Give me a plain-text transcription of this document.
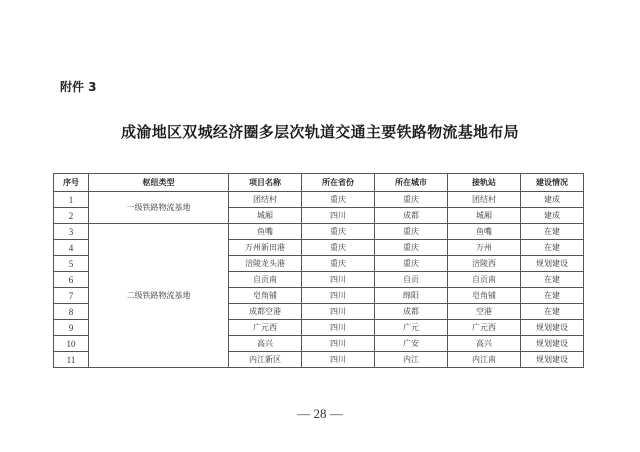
附件 3
成渝地区双城经济圈多层次轨道交通主要铁路物流基地布局
序号	枢纽类型	项目名称	所在省份	所在城市	接轨站	建设情况
1	一级铁路物流基地	团结村	重庆	重庆	团结村	建成
2		城厢	四川	成都	城厢	建成
3	二级铁路物流基地	鱼嘴	重庆	重庆	鱼嘴	在建
4		万州新田港	重庆	重庆	万州	在建
5		涪陵龙头港	重庆	重庆	涪陵西	规划建设
6		自贡南	四川	自贡	自贡南	在建
7		皂角铺	四川	绵阳	皂角铺	在建
8		成都空港	四川	成都	空港	在建
9		广元西	四川	广元	广元西	规划建设
10		高兴	四川	广安	高兴	规划建设
11		内江新区	四川	内江	内江南	规划建设
— 28 —
